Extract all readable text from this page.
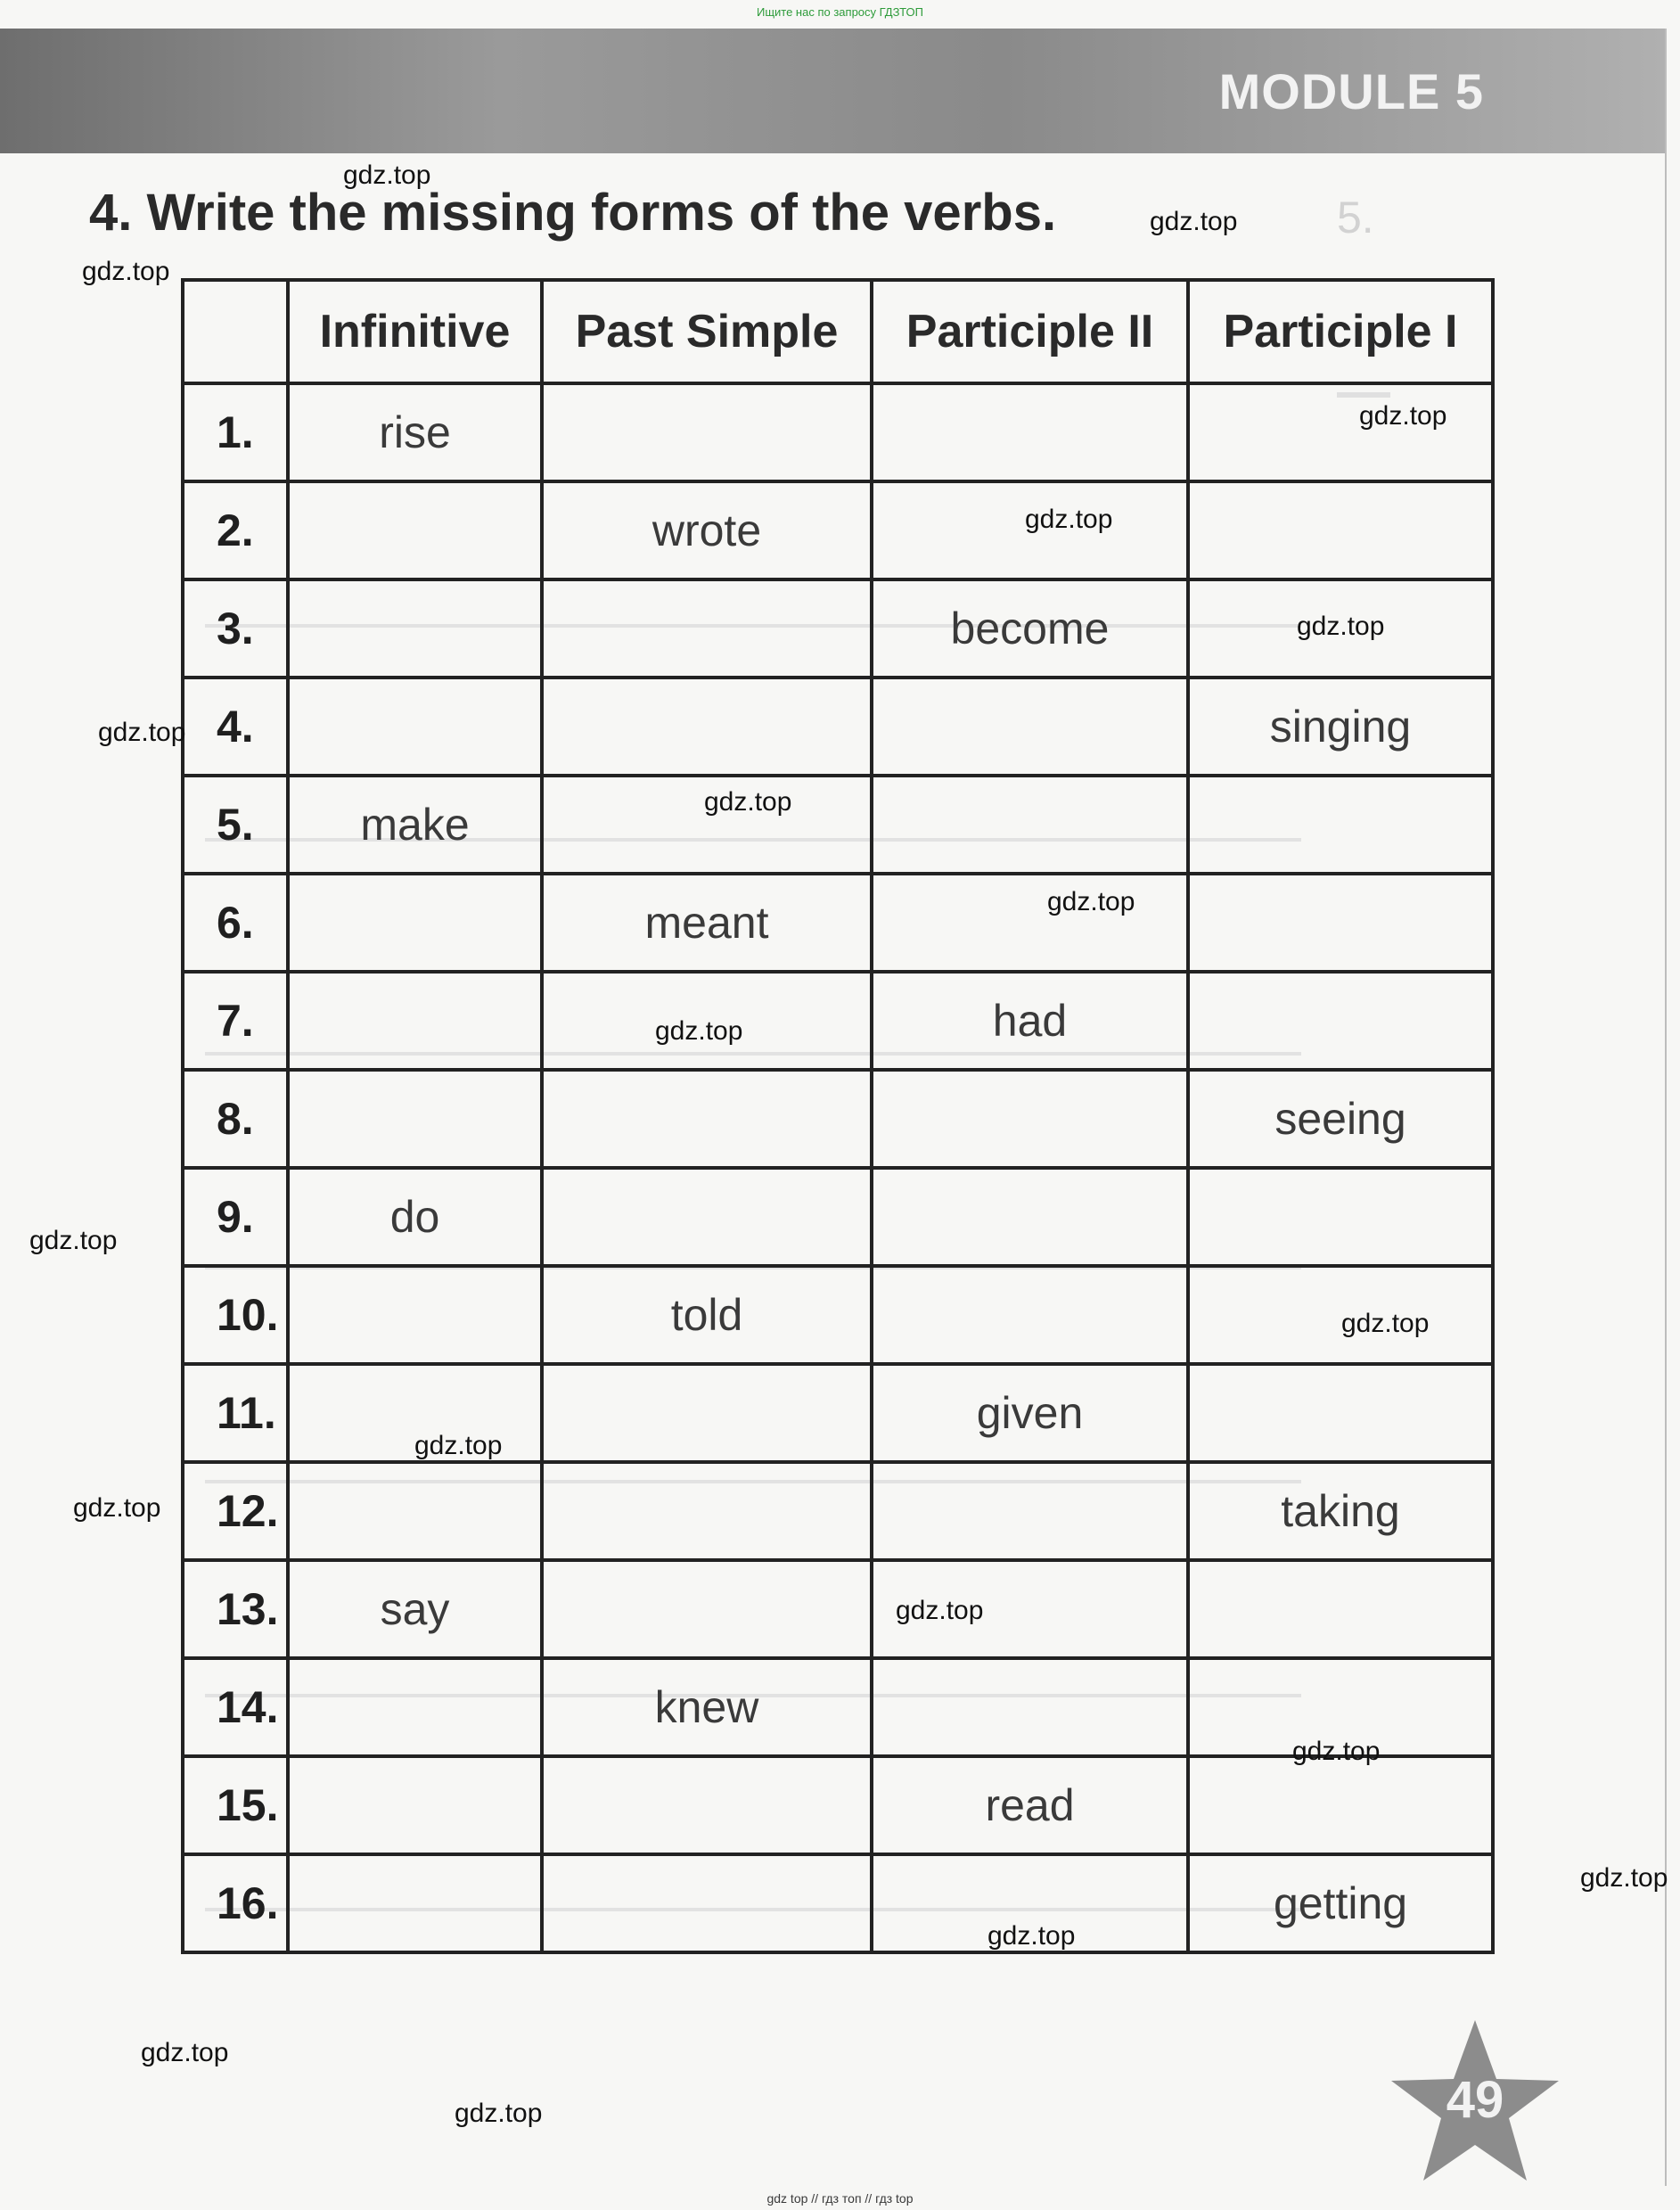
Ищите нас по запросу ГДЗТОП
MODULE 5
5.
4. Write the missing forms of the verbs.
	Infinitive	Past Simple	Participle II	Participle I
1.	rise			
2.		wrote		
3.			become	
4.				singing
5.	make			
6.		meant		
7.			had	
8.				seeing
9.	do			
10.		told		
11.			given	
12.				taking
13.	say			
14.		knew		
15.			read	
16.				getting
gdz.top
gdz.top
gdz.top
gdz.top
gdz.top
gdz.top
gdz.top
gdz.top
gdz.top
gdz.top
gdz.top
gdz.top
gdz.top
gdz.top
gdz.top
gdz.top
gdz.top
gdz.top
gdz.top
gdz.top	49
gdz top // гдз топ // гдз top
